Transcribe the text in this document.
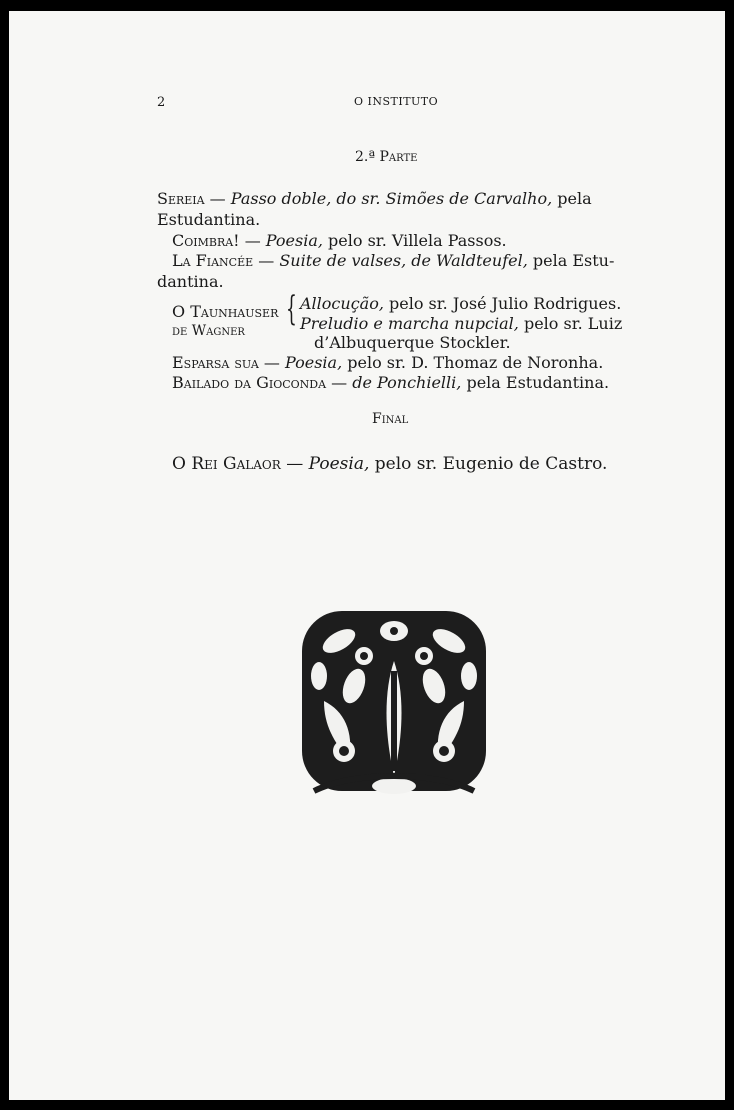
2	O INSTITUTO
2.ª Parte
Sereia — Passo doble, do sr. Simões de Carvalho, pela
Estudantina.
Coimbra! — Poesia, pelo sr. Villela Passos.
La Fiancée — Suite de valses, de Waldteufel, pela Estu-
dantina.
O Taunhauser
de Wagner
{ Allocução, pelo sr. José Julio Rodrigues.
Preludio e marcha nupcial, pelo sr. Luiz
d’Albuquerque Stockler.
Esparsa sua — Poesia, pelo sr. D. Thomaz de Noronha.
Bailado da Gioconda — de Ponchielli, pela Estudantina.
Final
O Rei Galaor — Poesia, pelo sr. Eugenio de Castro.
